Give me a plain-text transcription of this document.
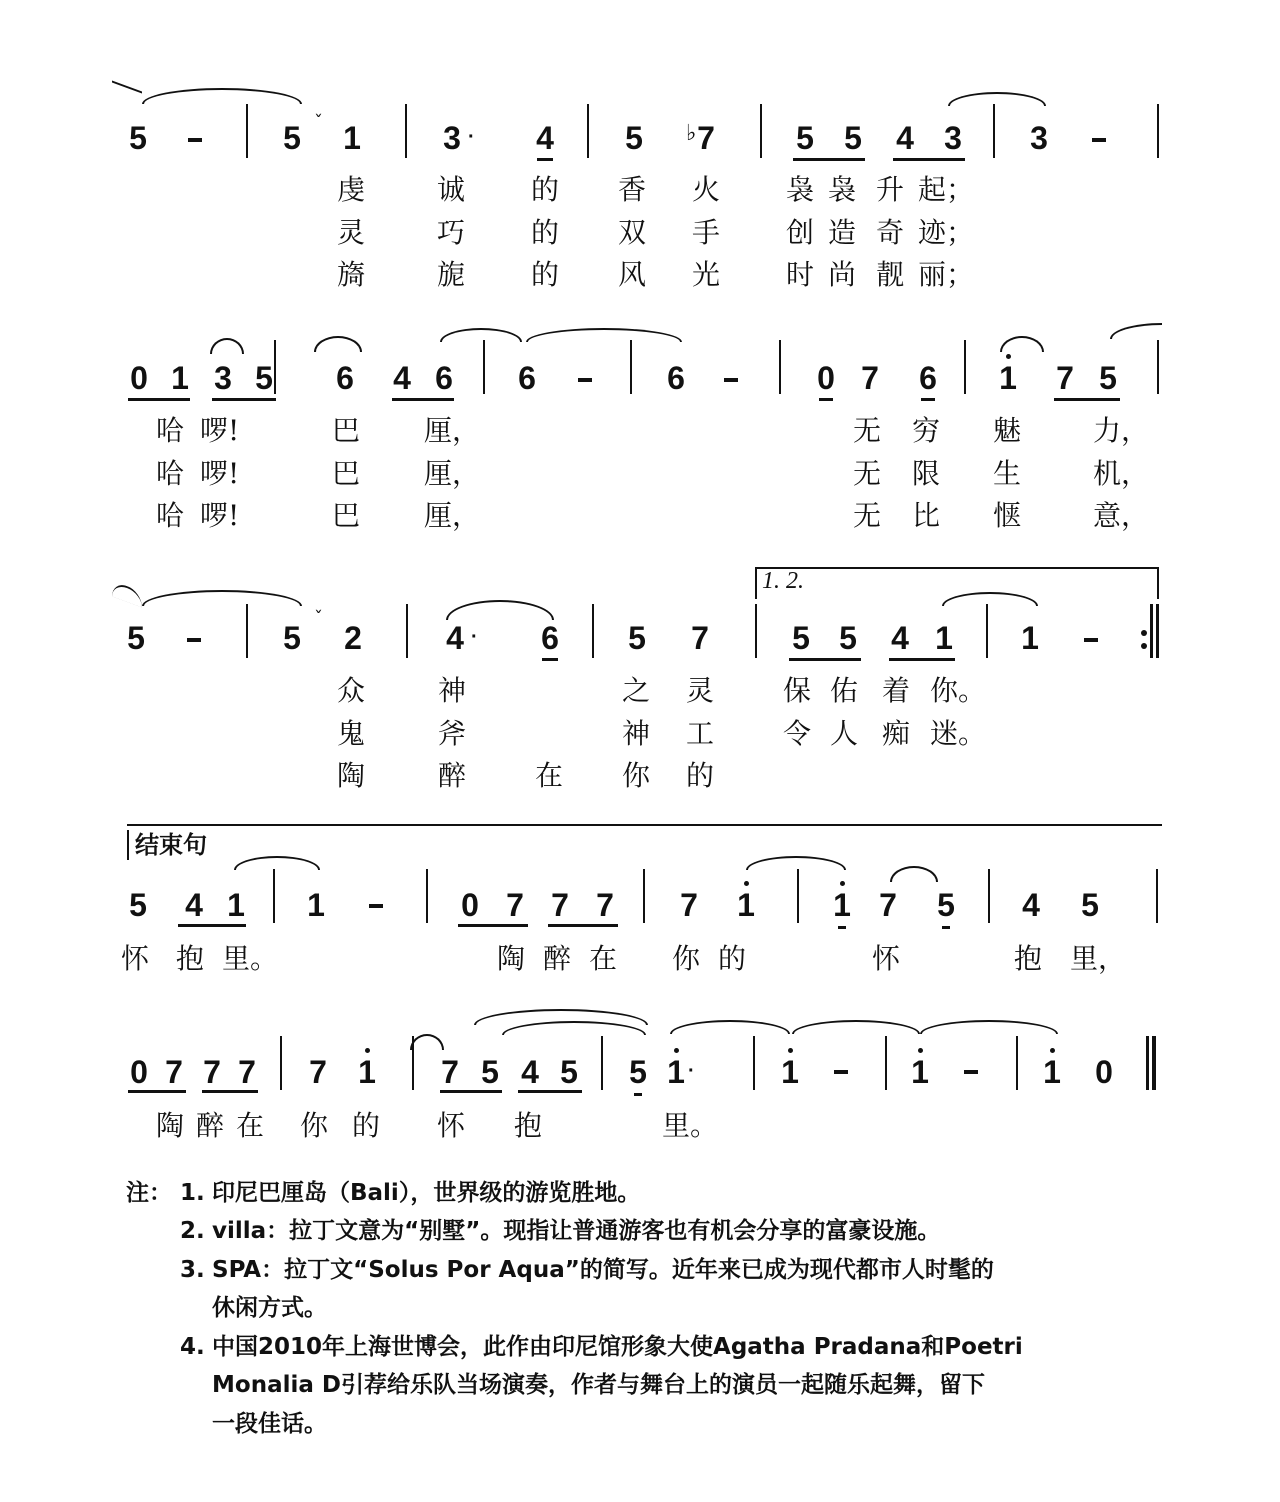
5	5 ˇ 1	3 · 4 5 ♭ 7	5 5 4 3 3
虔	诚 的 香 火 袅 袅 升 起；
灵	巧 的 双 手 创 造 奇 迹；
旖	旎 的 风 光 时 尚 靓 丽；
0 1 3 5 6 4 6 6	6	0 7 6 1 7 5
哈 啰!	巴 厘，
哈 啰!	巴 厘，
哈 啰!	巴 厘，
无 穷 魅	力，
无 限 生	机，
无 比 惬	意，
5	5
ˇ
2	4 · 6 5 7
1. 2.
5 5 4 1 1
众	神	之 灵 保 佑 着 你。
鬼	斧	神 工 令 人 痴 迷。
陶	醉 在 你 的
结束句
5 4 1 1	0 7 7 7 7 1 1 7 5 4 5
怀 抱 里。	陶 醉 在 你 的	怀	抱 里，
0 7 7 7 7 1 7 5 4 5 5 1 ·	1	1	1 0
陶 醉 在 你 的 怀 抱	里。
注： 1. 印尼巴厘岛（Bali），世界级的游览胜地。
2. villa：拉丁文意为“别墅”。现指让普通游客也有机会分享的富豪设施。
3. SPA：拉丁文“Solus Por Aqua”的简写。近年来已成为现代都市人时髦的
休闲方式。
4. 中国2010年上海世博会，此作由印尼馆形象大使Agatha Pradana和Poetri
Monalia D引荐给乐队当场演奏，作者与舞台上的演员一起随乐起舞，留下
一段佳话。
